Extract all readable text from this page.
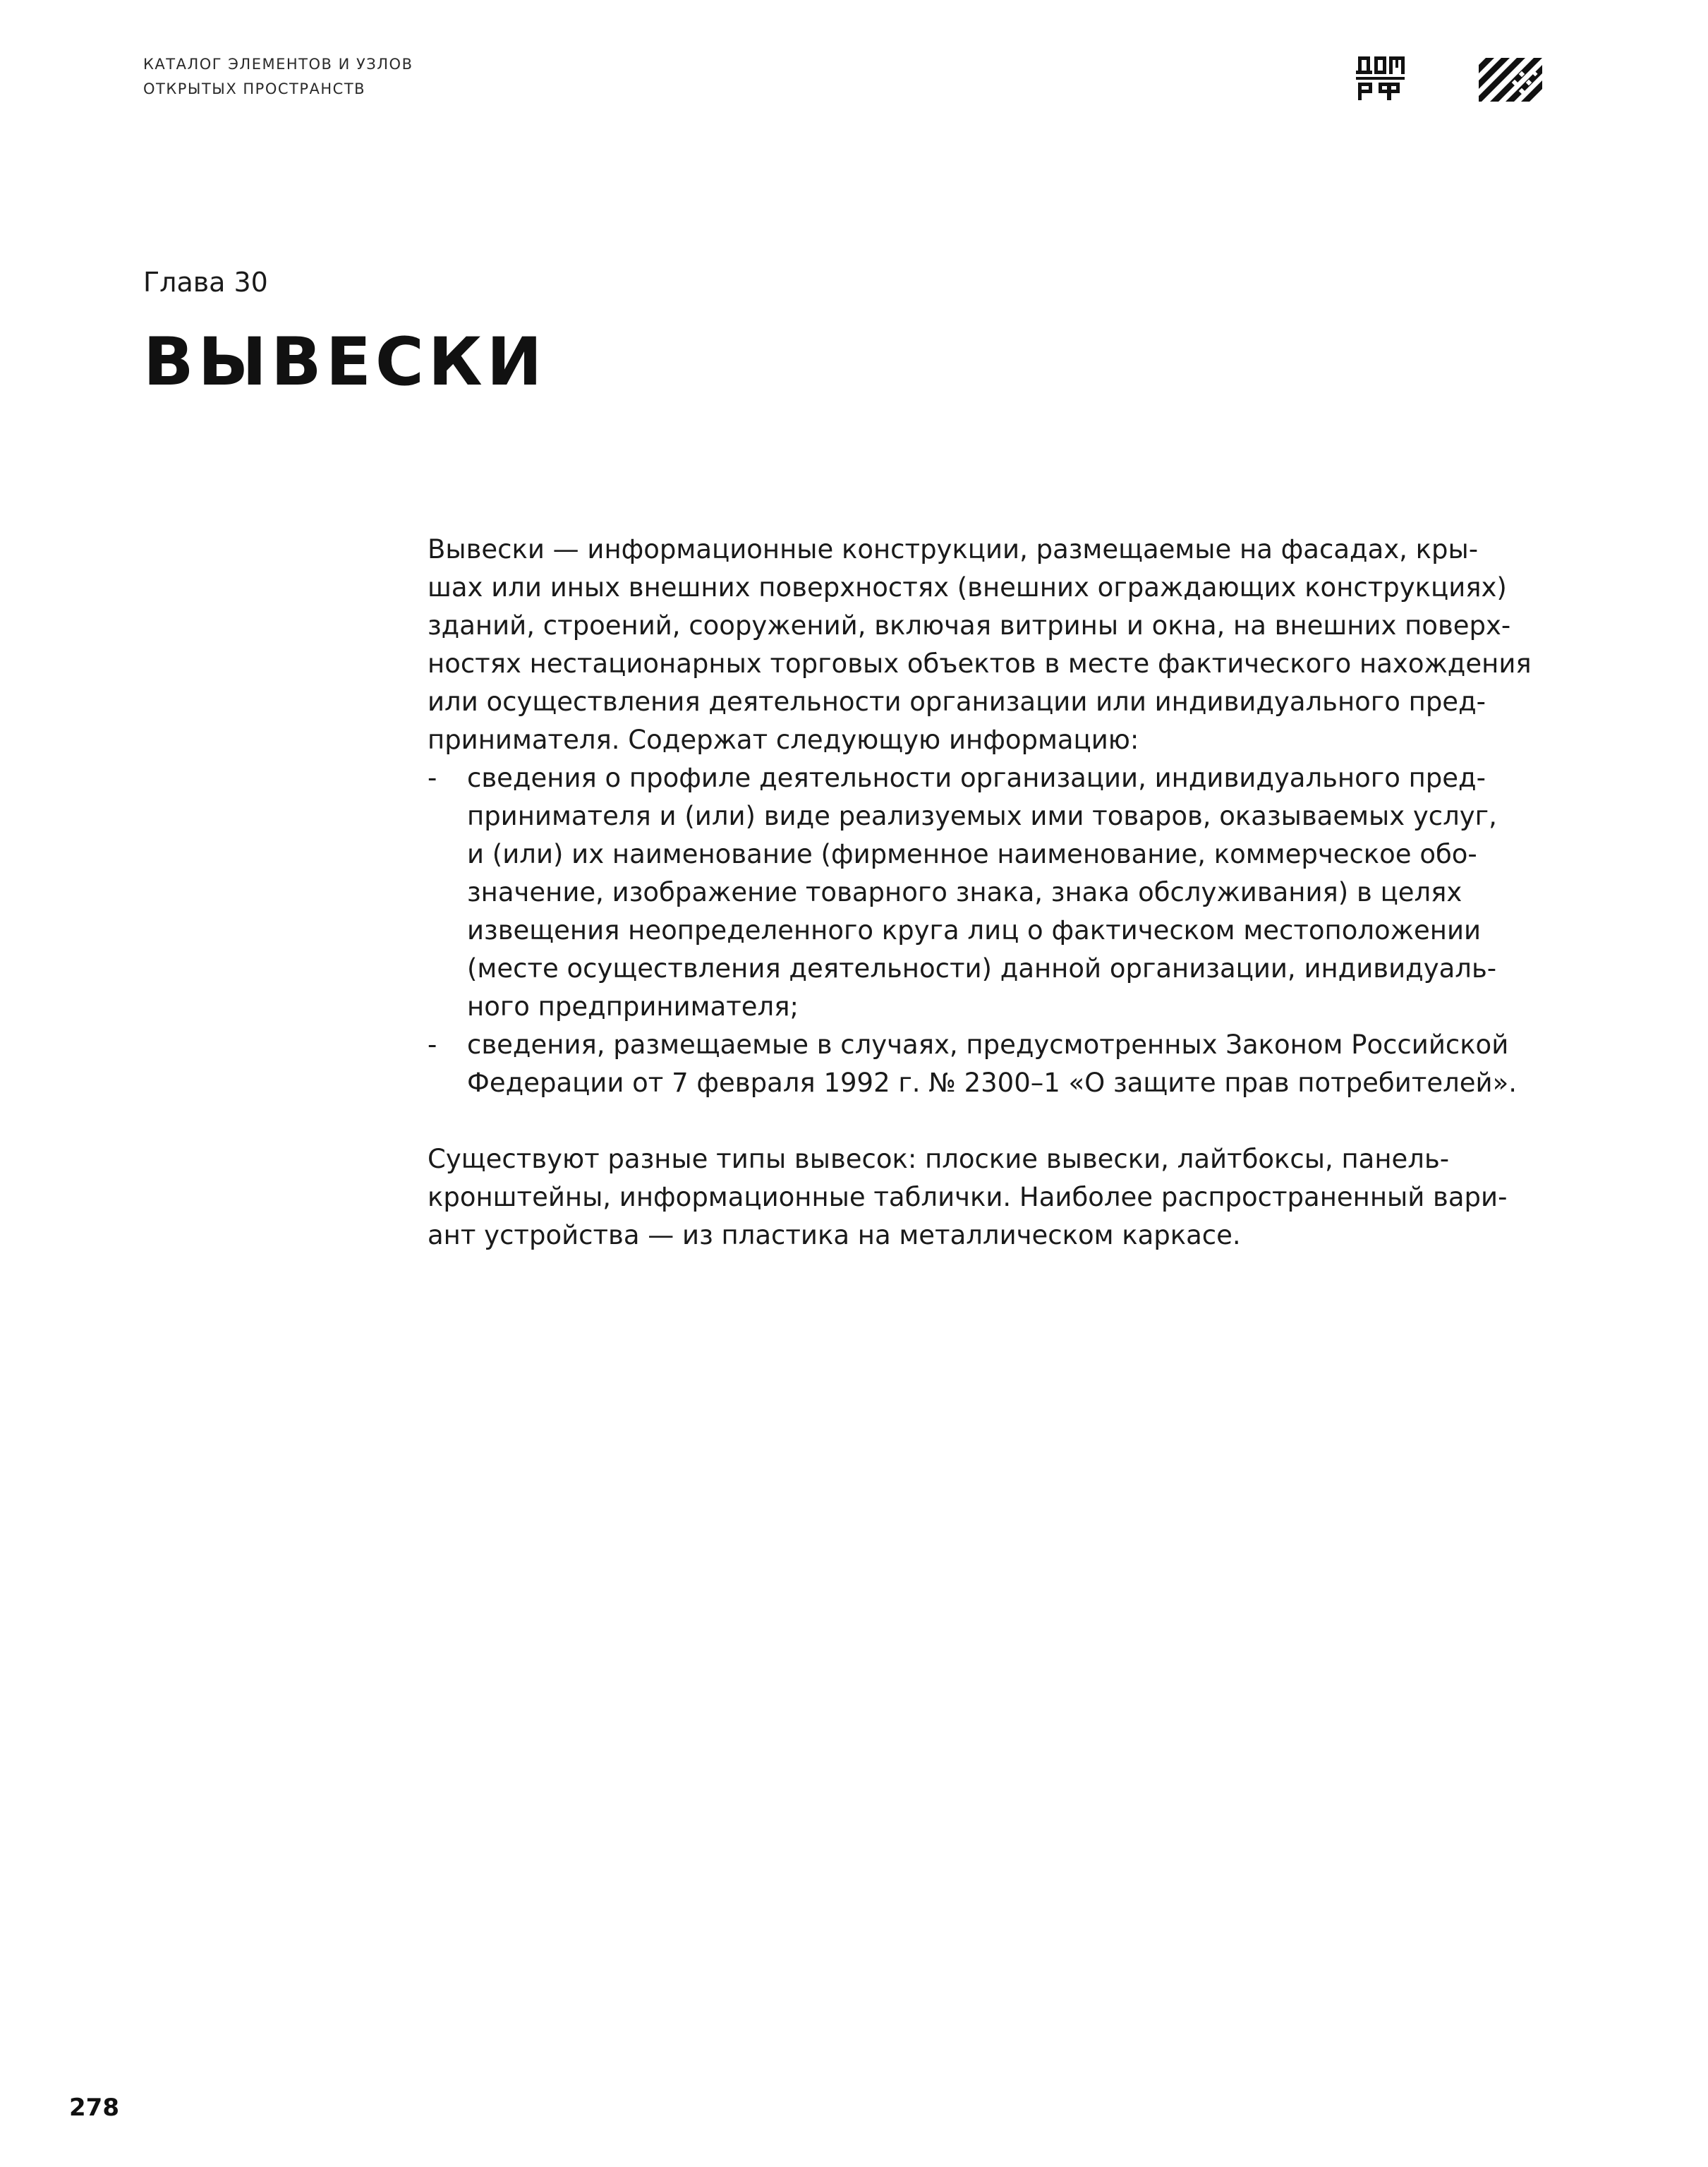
КАТАЛОГ ЭЛЕМЕНТОВ И УЗЛОВ
ОТКРЫТЫХ ПРОСТРАНСТВ
Глава 30
ВЫВЕСКИ
Вывески — информационные конструкции, размещаемые на фасадах, кры-
шах или иных внешних поверхностях (внешних ограждающих конструкциях)
зданий, строений, сооружений, включая витрины и окна, на внешних поверх-
ностях нестационарных торговых объектов в месте фактического нахождения
или осуществления деятельности организации или индивидуального пред-
принимателя. Содержат следующую информацию:
- сведения о профиле деятельности организации, индивидуального пред-
принимателя и (или) виде реализуемых ими товаров, оказываемых услуг,
и (или) их наименование (фирменное наименование, коммерческое обо-
значение, изображение товарного знака, знака обслуживания) в целях
извещения неопределенного круга лиц о фактическом местоположении
(месте осуществления деятельности) данной организации, индивидуаль-
ного предпринимателя;
- сведения, размещаемые в случаях, предусмотренных Законом Российской
Федерации от 7 февраля 1992 г. № 2300–1 «О защите прав потребителей».
Существуют разные типы вывесок: плоские вывески, лайтбоксы, панель-
кронштейны, информационные таблички. Наиболее распространенный вари-
ант устройства — из пластика на металлическом каркасе.
278
